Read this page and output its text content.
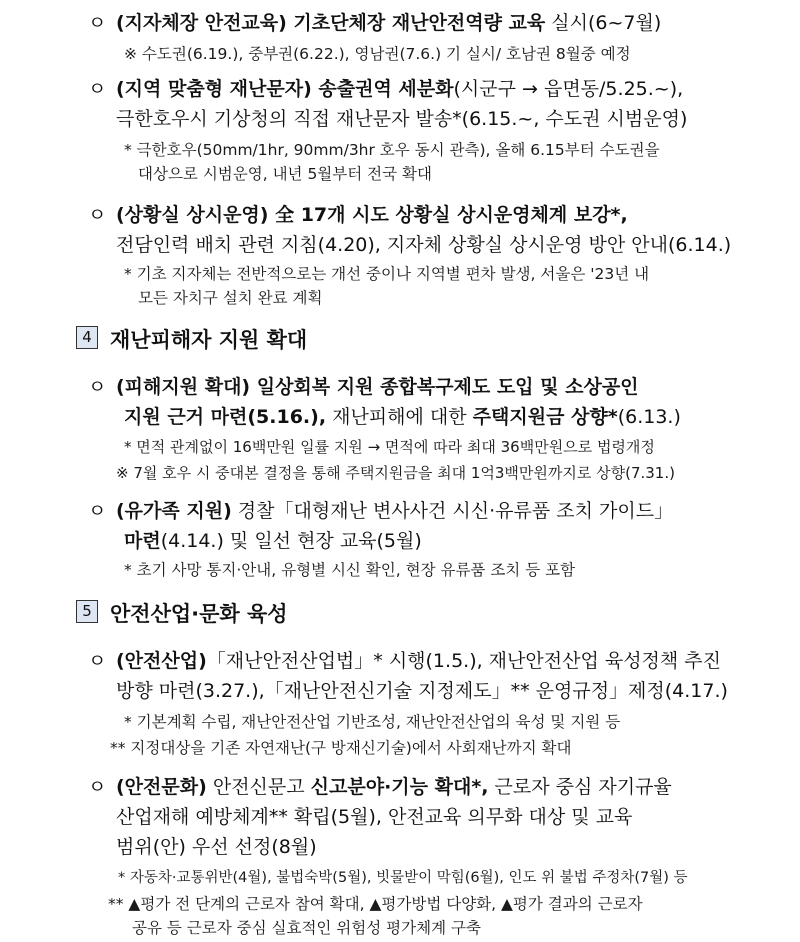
ㅇ (지자체장 안전교육) 기초단체장 재난안전역량 교육 실시(6~7월)
※ 수도권(6.19.), 중부권(6.22.), 영남권(7.6.) 기 실시/ 호남권 8월중 예정
ㅇ (지역 맞춤형 재난문자) 송출권역 세분화(시군구 → 읍면동/5.25.~),
극한호우시 기상청의 직접 재난문자 발송*(6.15.~, 수도권 시범운영)
* 극한호우(50mm/1hr, 90mm/3hr 호우 동시 관측), 올해 6.15부터 수도권을
대상으로 시범운영, 내년 5월부터 전국 확대
ㅇ (상황실 상시운영) 全 17개 시도 상황실 상시운영체계 보강*,
전담인력 배치 관련 지침(4.20), 지자체 상황실 상시운영 방안 안내(6.14.)
* 기초 지자체는 전반적으로는 개선 중이나 지역별 편차 발생, 서울은 '23년 내
모든 자치구 설치 완료 계획
4 재난피해자 지원 확대
ㅇ (피해지원 확대) 일상회복 지원 종합복구제도 도입 및 소상공인
지원 근거 마련(5.16.), 재난피해에 대한 주택지원금 상향*(6.13.)
* 면적 관계없이 16백만원 일률 지원 → 면적에 따라 최대 36백만원으로 법령개정
※ 7월 호우 시 중대본 결정을 통해 주택지원금을 최대 1억3백만원까지로 상향(7.31.)
ㅇ (유가족 지원) 경찰「대형재난 변사사건 시신·유류품 조치 가이드」
마련(4.14.) 및 일선 현장 교육(5월)
* 초기 사망 통지·안내, 유형별 시신 확인, 현장 유류품 조치 등 포함
5 안전산업·문화 육성
ㅇ (안전산업)「재난안전산업법」* 시행(1.5.), 재난안전산업 육성정책 추진
방향 마련(3.27.),「재난안전신기술 지정제도」** 운영규정」제정(4.17.)
* 기본계획 수립, 재난안전산업 기반조성, 재난안전산업의 육성 및 지원 등
** 지정대상을 기존 자연재난(구 방재신기술)에서 사회재난까지 확대
ㅇ (안전문화) 안전신문고 신고분야·기능 확대*, 근로자 중심 자기규율
산업재해 예방체계** 확립(5월), 안전교육 의무화 대상 및 교육
범위(안) 우선 선정(8월)
* 자동차·교통위반(4월), 불법숙박(5월), 빗물받이 막힘(6월), 인도 위 불법 주정차(7월) 등
** ▲평가 전 단계의 근로자 참여 확대, ▲평가방법 다양화, ▲평가 결과의 근로자
공유 등 근로자 중심 실효적인 위험성 평가체계 구축
